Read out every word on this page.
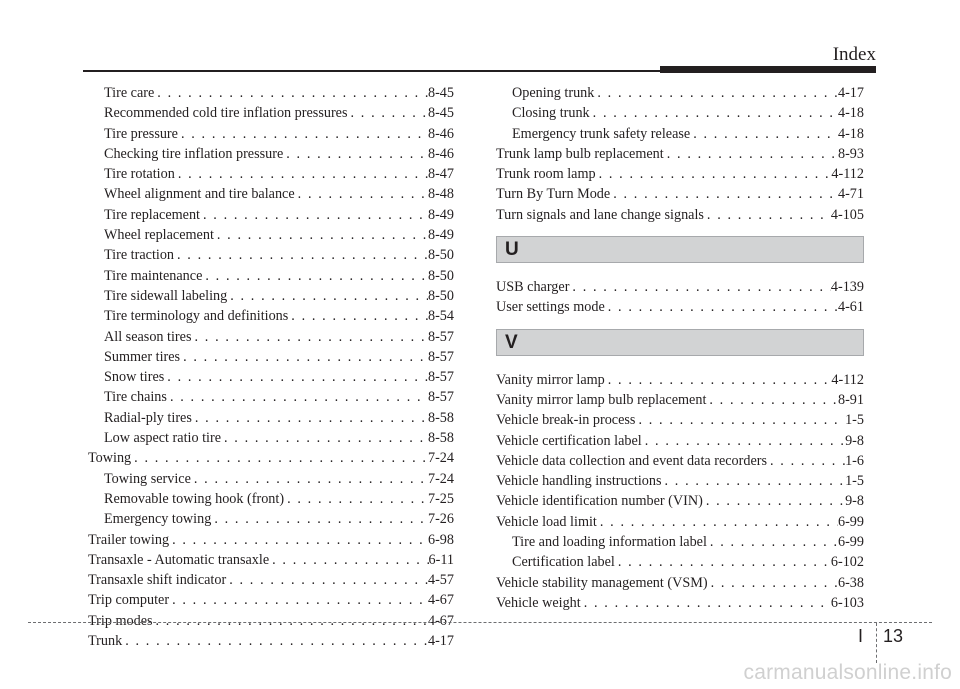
Index
Tire care . . .	8-45
Recommended cold tire inflation pressures . . .	8-45
Tire pressure . . .	8-46
Checking tire inflation pressure . . .	8-46
Tire rotation . . .	8-47
Wheel alignment and tire balance . . .	8-48
Tire replacement . . .	8-49
Wheel replacement . . .	8-49
Tire traction . . .	8-50
Tire maintenance . . .	8-50
Tire sidewall labeling . . .	8-50
Tire terminology and definitions . . .	8-54
All season tires . . .	8-57
Summer tires . . .	8-57
Snow tires . . .	8-57
Tire chains . . .	8-57
Radial-ply tires . . .	8-58
Low aspect ratio tire . . .	8-58
Towing . . .	7-24
Towing service . . .	7-24
Removable towing hook (front) . . .	7-25
Emergency towing . . .	7-26
Trailer towing . . .	6-98
Transaxle - Automatic transaxle . . .	6-11
Transaxle shift indicator . . .	4-57
Trip computer . . .	4-67
Trip modes . . .	4-67
Trunk . . .	4-17
Opening trunk . . .	4-17
Closing trunk . . .	4-18
Emergency trunk safety release . . .	4-18
Trunk lamp bulb replacement . . .	8-93
Trunk room lamp . . .	4-112
Turn By Turn Mode . . .	4-71
Turn signals and lane change signals . . .	4-105
U
USB charger . . .	4-139
User settings mode . . .	4-61
V
Vanity mirror lamp . . .	4-112
Vanity mirror lamp bulb replacement . . .	8-91
Vehicle break-in process . . .	1-5
Vehicle certification label . . .	9-8
Vehicle data collection and event data recorders . . .	1-6
Vehicle handling instructions . . .	1-5
Vehicle identification number (VIN) . . .	9-8
Vehicle load limit . . .	6-99
Tire and loading information label . . .	6-99
Certification label . . .	6-102
Vehicle stability management (VSM) . . .	6-38
Vehicle weight . . .	6-103
I 13
carmanualsonline.info
